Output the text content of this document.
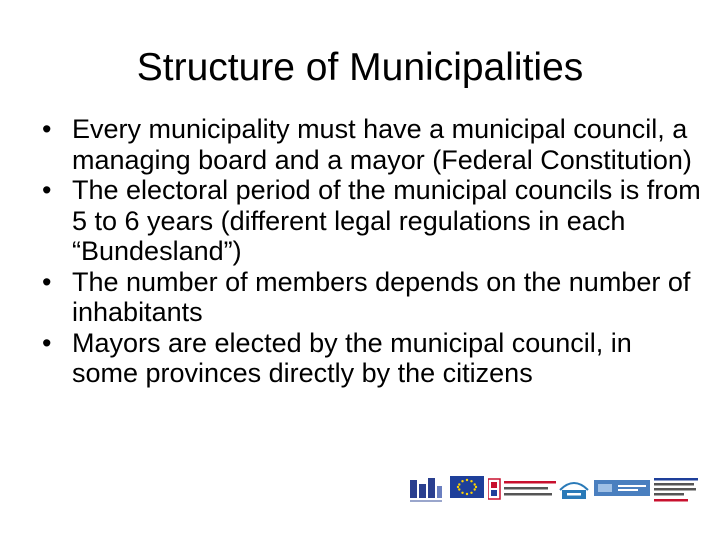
Structure of Municipalities
• Every municipality must have a municipal council, a managing board and a mayor (Federal Constitution)
• The electoral period of the municipal councils is from 5 to 6 years (different legal regulations in each “Bundesland”)
• The number of members depends on the number of inhabitants
• Mayors are elected by the municipal council, in some provinces directly by the citizens
